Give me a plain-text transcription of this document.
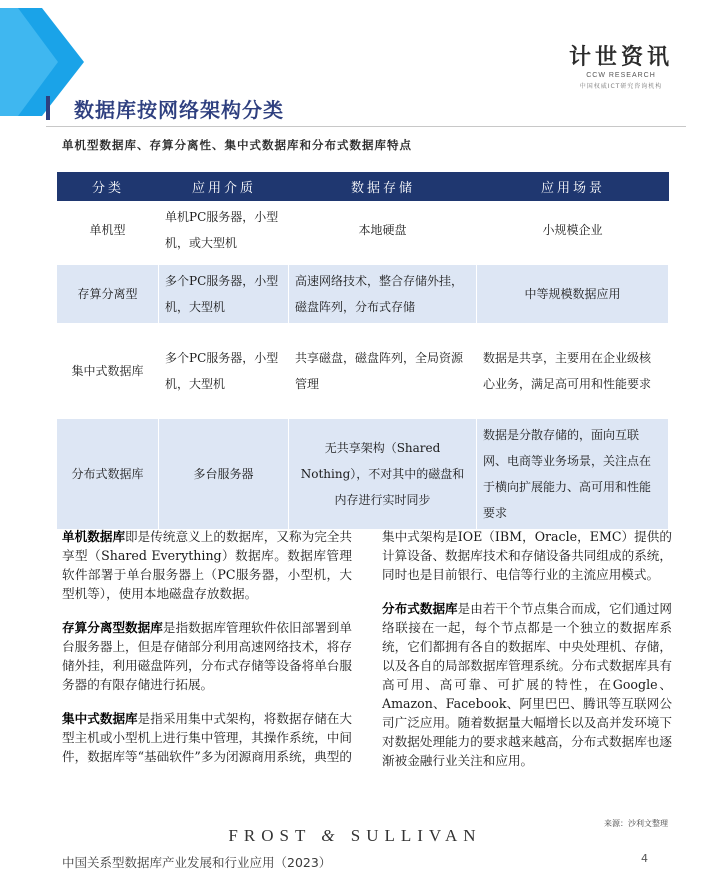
计世资讯
CCW RESEARCH
中国权威ICT研究咨询机构
数据库按网络架构分类
单机型数据库、存算分离性、集中式数据库和分布式数据库特点
分类	应用介质	数据存储	应用场景
单机型	单机PC服务器，小型机，或大型机	本地硬盘	小规模企业

存算分离型	多个PC服务器，小型机，大型机	高速网络技术，整合存储外挂，磁盘阵列，分布式存储	中等规模数据应用

集中式数据库	多个PC服务器，小型机，大型机	共享磁盘，磁盘阵列，全局资源管理	数据是共享，主要用在企业级核心业务，满足高可用和性能要求

分布式数据库	多台服务器	无共享架构（Shared Nothing），不对其中的磁盘和内存进行实时同步	数据是分散存储的，面向互联网、电商等业务场景，关注点在于横向扩展能力、高可用和性能要求

单机数据库即是传统意义上的数据库，又称为完全共享型（Shared Everything）数据库。数据库管理软件部署于单台服务器上（PC服务器，小型机，大型机等），使用本地磁盘存放数据。

存算分离型数据库是指数据库管理软件依旧部署到单台服务器上，但是存储部分利用高速网络技术，将存储外挂，利用磁盘阵列，分布式存储等设备将单台服务器的有限存储进行拓展。

集中式数据库是指采用集中式架构，将数据存储在大型主机或小型机上进行集中管理，其操作系统，中间件，数据库等“基础软件”多为闭源商用系统，典型的

集中式架构是IOE（IBM，Oracle，EMC）提供的计算设备、数据库技术和存储设备共同组成的系统，同时也是目前银行、电信等行业的主流应用模式。

分布式数据库是由若干个节点集合而成，它们通过网络联接在一起，每个节点都是一个独立的数据库系统，它们都拥有各自的数据库、中央处理机、存储，以及各自的局部数据库管理系统。分布式数据库具有高可用、高可靠、可扩展的特性，在Google、Amazon、Facebook、阿里巴巴、腾讯等互联网公司广泛应用。随着数据量大幅增长以及高并发环境下对数据处理能力的要求越来越高，分布式数据库也逐渐被金融行业关注和应用。

来源：沙利文整理
FROST & SULLIVAN
中国关系型数据库产业发展和行业应用（2023）	4
